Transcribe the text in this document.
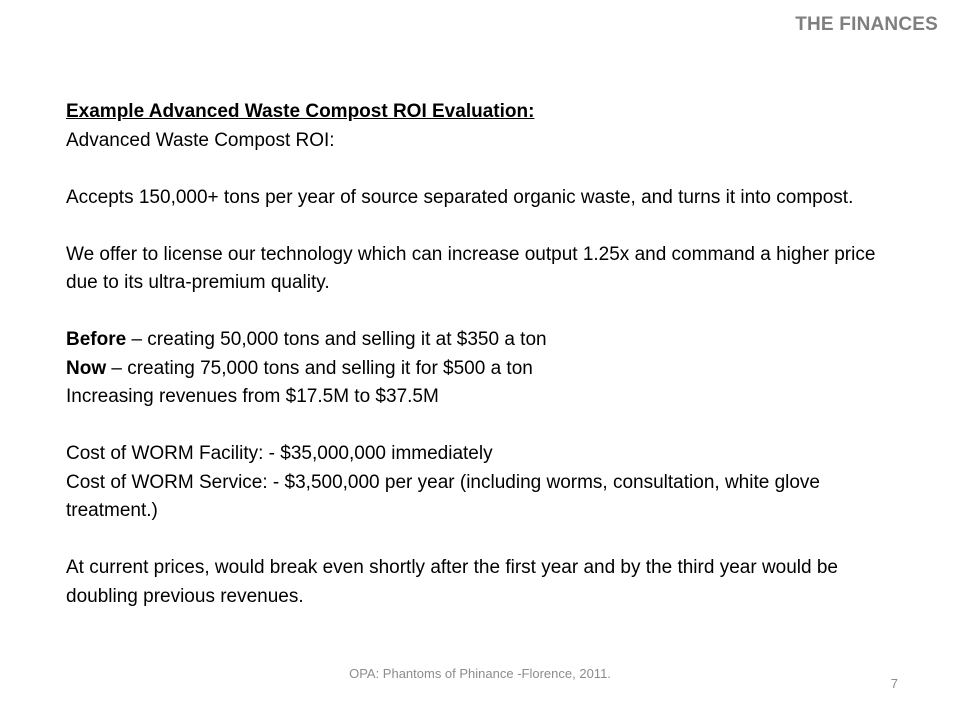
THE FINANCES

Example Advanced Waste Compost ROI Evaluation:

Advanced Waste Compost ROI:

Accepts 150,000+ tons per year of source separated organic waste, and turns it into compost.

We offer to license our technology which can increase output 1.25x and command a higher price due to its ultra-premium quality.

Before – creating 50,000 tons and selling it at $350 a ton

Now – creating 75,000 tons and selling it for $500 a ton

Increasing revenues from $17.5M to $37.5M

Cost of WORM Facility: - $35,000,000 immediately

Cost of WORM Service: - $3,500,000 per year (including worms, consultation, white glove treatment.)

At current prices, would break even shortly after the first year and by the third year would be doubling previous revenues.

OPA: Phantoms of Phinance -Florence, 2011.
7
